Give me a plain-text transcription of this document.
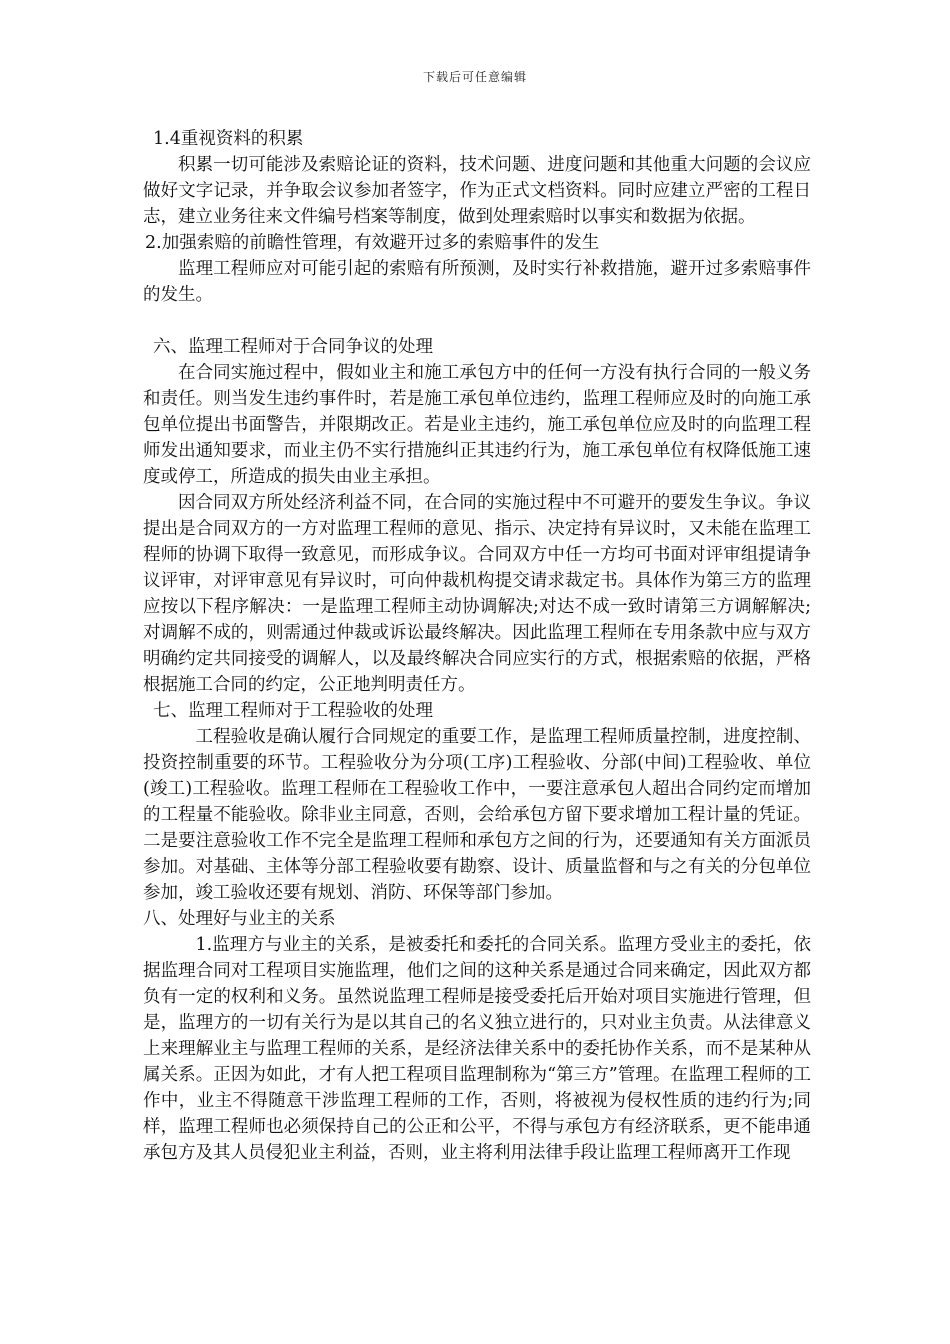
下载后可任意编辑

1.4重视资料的积累

积累一切可能涉及索赔论证的资料，技术问题、进度问题和其他重大问题的会议应做好文字记录，并争取会议参加者签字，作为正式文档资料。同时应建立严密的工程日志，建立业务往来文件编号档案等制度，做到处理索赔时以事实和数据为依据。

2.加强索赔的前瞻性管理，有效避开过多的索赔事件的发生

监理工程师应对可能引起的索赔有所预测，及时实行补救措施，避开过多索赔事件的发生。

六、监理工程师对于合同争议的处理

在合同实施过程中，假如业主和施工承包方中的任何一方没有执行合同的一般义务和责任。则当发生违约事件时，若是施工承包单位违约，监理工程师应及时的向施工承包单位提出书面警告，并限期改正。若是业主违约，施工承包单位应及时的向监理工程师发出通知要求，而业主仍不实行措施纠正其违约行为，施工承包单位有权降低施工速度或停工，所造成的损失由业主承担。

因合同双方所处经济利益不同，在合同的实施过程中不可避开的要发生争议。争议提出是合同双方的一方对监理工程师的意见、指示、决定持有异议时，又未能在监理工程师的协调下取得一致意见，而形成争议。合同双方中任一方均可书面对评审组提请争议评审，对评审意见有异议时，可向仲裁机构提交请求裁定书。具体作为第三方的监理应按以下程序解决：一是监理工程师主动协调解决;对达不成一致时请第三方调解解决;对调解不成的，则需通过仲裁或诉讼最终解决。因此监理工程师在专用条款中应与双方明确约定共同接受的调解人，以及最终解决合同应实行的方式，根据索赔的依据，严格根据施工合同的约定，公正地判明责任方。

七、监理工程师对于工程验收的处理

工程验收是确认履行合同规定的重要工作，是监理工程师质量控制，进度控制、投资控制重要的环节。工程验收分为分项(工序)工程验收、分部(中间)工程验收、单位(竣工)工程验收。监理工程师在工程验收工作中，一要注意承包人超出合同约定而增加的工程量不能验收。除非业主同意，否则，会给承包方留下要求增加工程计量的凭证。二是要注意验收工作不完全是监理工程师和承包方之间的行为，还要通知有关方面派员参加。对基础、主体等分部工程验收要有勘察、设计、质量监督和与之有关的分包单位参加，竣工验收还要有规划、消防、环保等部门参加。

八、处理好与业主的关系

1.监理方与业主的关系，是被委托和委托的合同关系。监理方受业主的委托，依据监理合同对工程项目实施监理，他们之间的这种关系是通过合同来确定，因此双方都负有一定的权利和义务。虽然说监理工程师是接受委托后开始对项目实施进行管理，但是，监理方的一切有关行为是以其自己的名义独立进行的，只对业主负责。从法律意义上来理解业主与监理工程师的关系，是经济法律关系中的委托协作关系，而不是某种从属关系。正因为如此，才有人把工程项目监理制称为“第三方”管理。在监理工程师的工作中，业主不得随意干涉监理工程师的工作，否则，将被视为侵权性质的违约行为;同样，监理工程师也必须保持自己的公正和公平，不得与承包方有经济联系，更不能串通承包方及其人员侵犯业主利益，否则，业主将利用法律手段让监理工程师离开工作现
